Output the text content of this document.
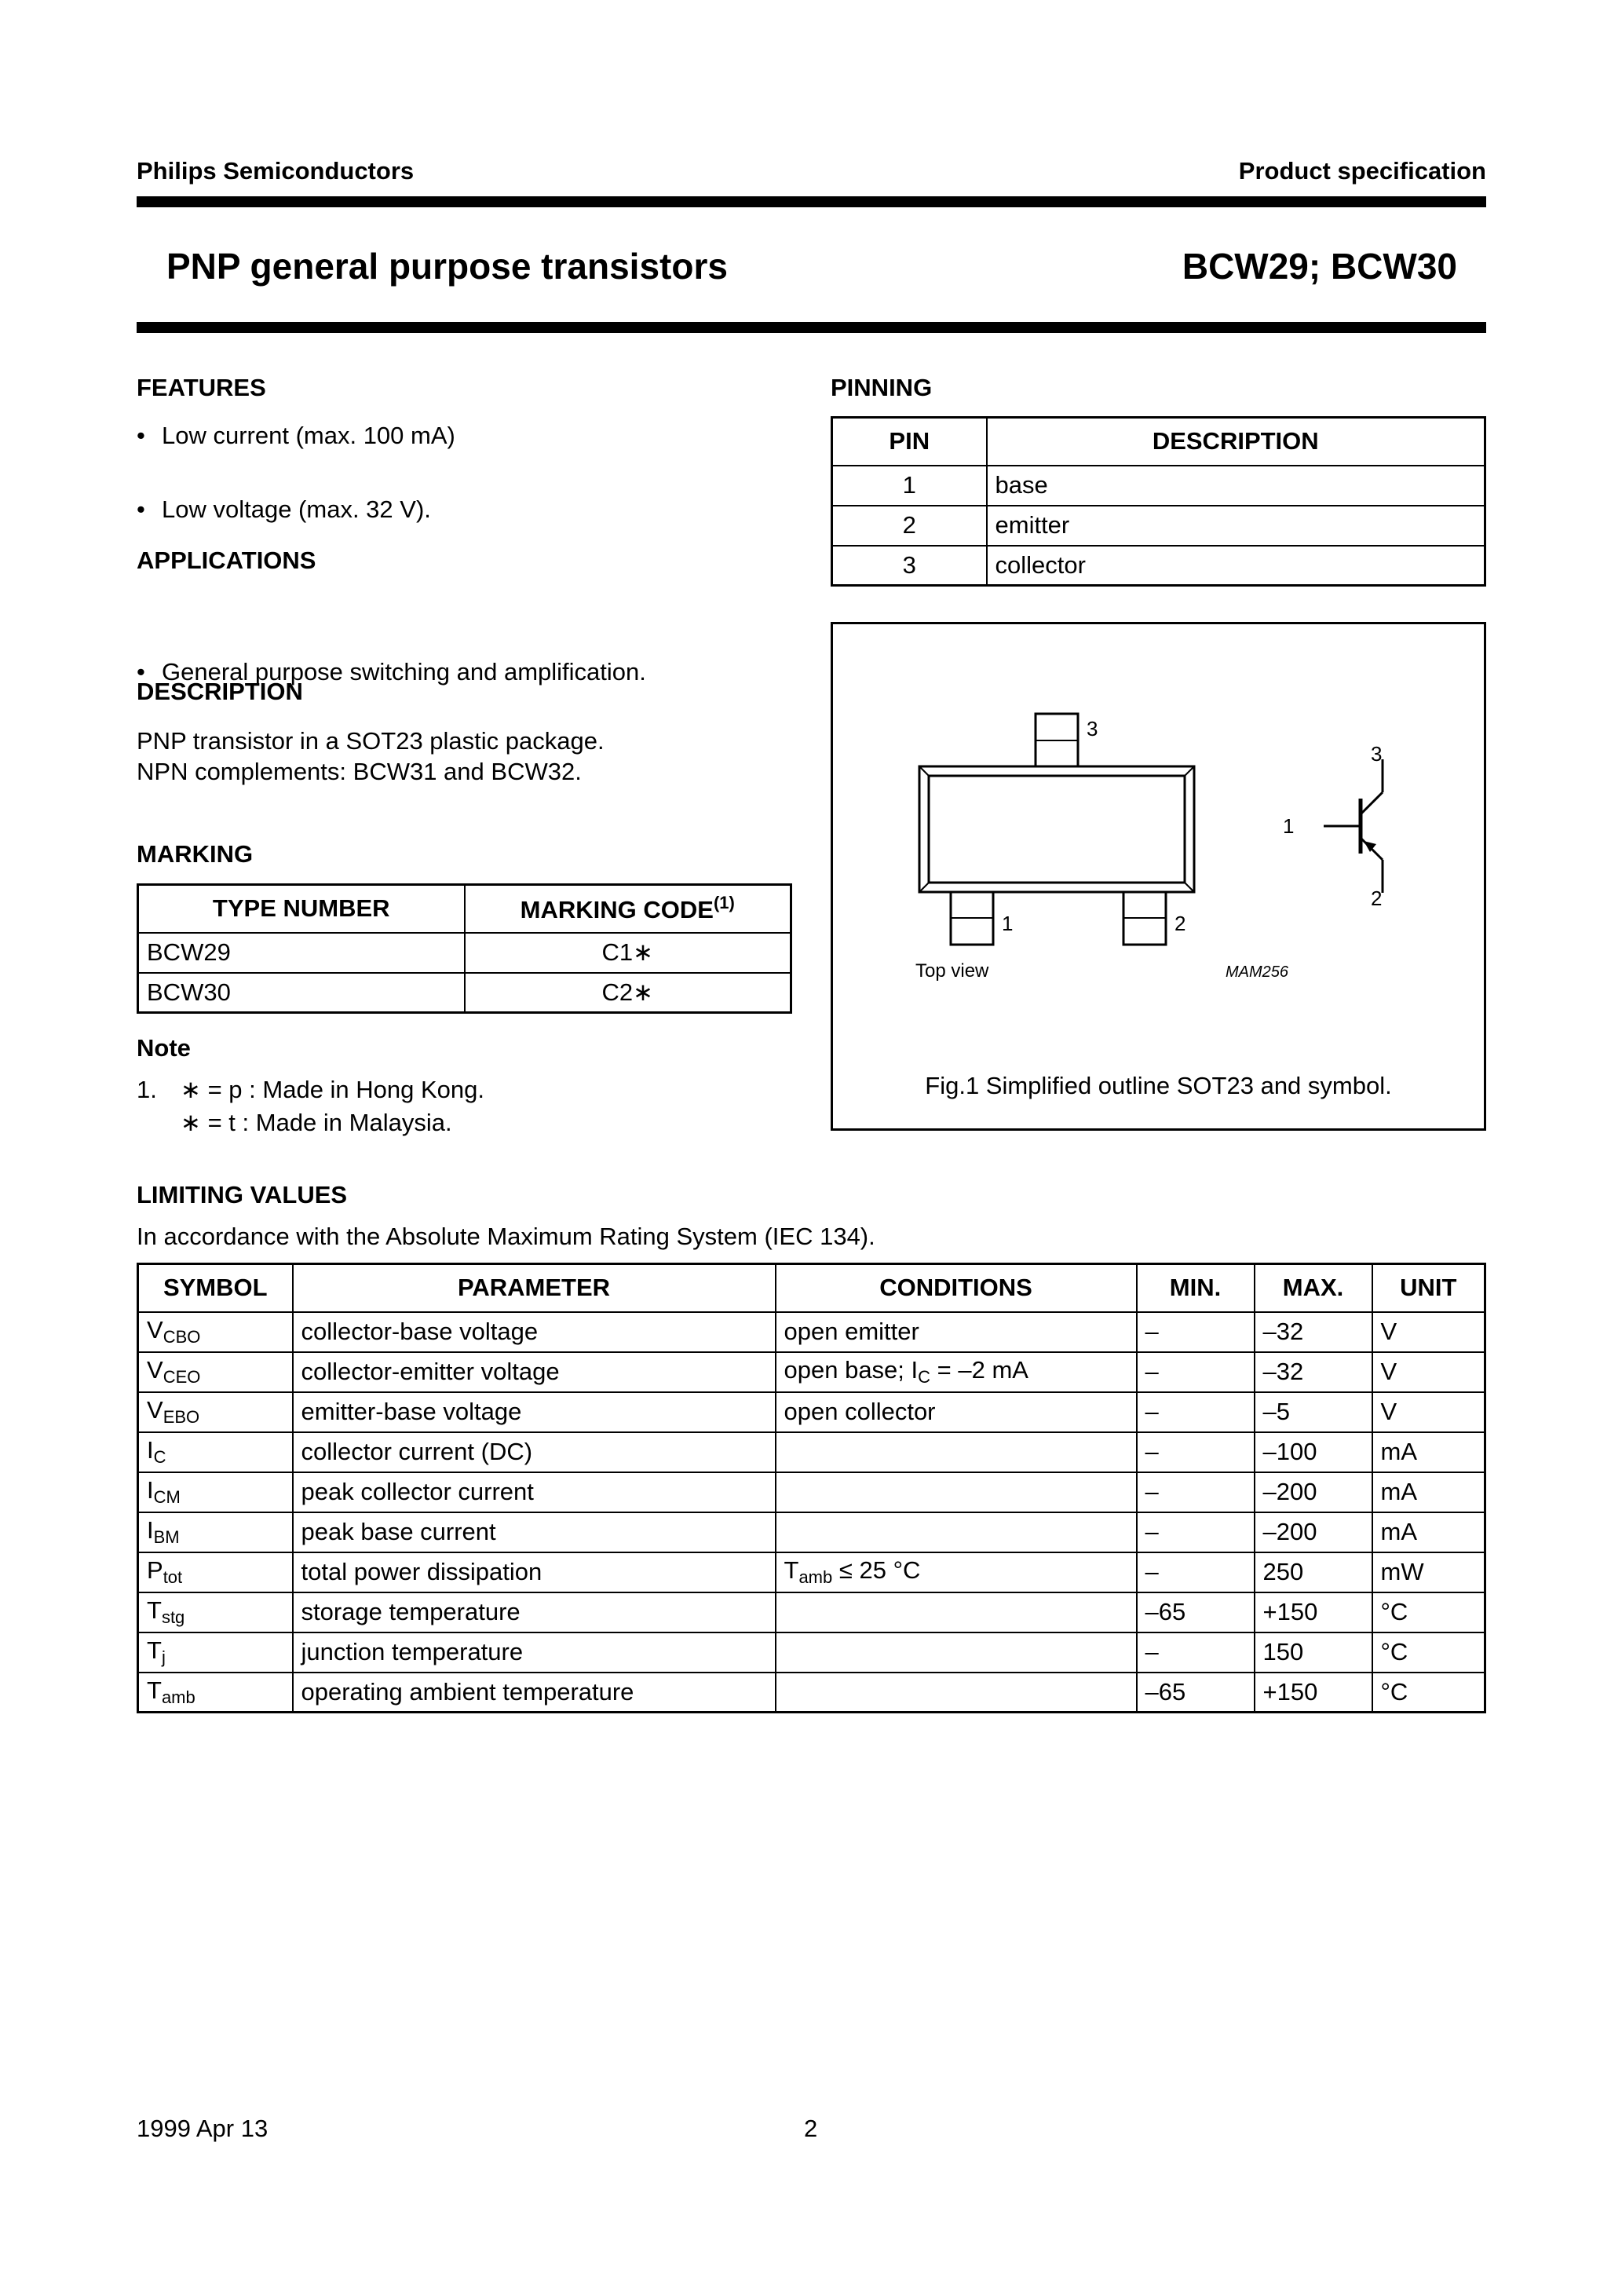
Philips Semiconductors	Product specification
PNP general purpose transistors	BCW29; BCW30
FEATURES
• Low current (max. 100 mA)
• Low voltage (max. 32 V).
APPLICATIONS
• General purpose switching and amplification.
DESCRIPTION
PNP transistor in a SOT23 plastic package.
NPN complements: BCW31 and BCW32.
MARKING
TYPE NUMBER	MARKING CODE$^{(1)}$
BCW29	C1∗
BCW30	C2∗
Note
1. ∗ = p : Made in Hong Kong.
∗ = t : Made in Malaysia.
PINNING
PIN	DESCRIPTION
1	base
2	emitter
3	collector
3
1	2
3
1
2
Top view	MAM256
Fig.1 Simplified outline SOT23 and symbol.
LIMITING VALUES
In accordance with the Absolute Maximum Rating System (IEC 134).
SYMBOL	PARAMETER	CONDITIONS	MIN.	MAX.	UNIT
$V_{CBO}$	collector-base voltage	open emitter	–	–32	V
$V_{CEO}$	collector-emitter voltage	open base; $I_C = -2$ mA	–	–32	V
$V_{EBO}$	emitter-base voltage	open collector	–	–5	V
$I_C$	collector current (DC)		–	–100	mA
$I_{CM}$	peak collector current		–	–200	mA
$I_{BM}$	peak base current		–	–200	mA
$P_{tot}$	total power dissipation	$T_{amb} \le 25$ °C	–	250	mW
$T_{stg}$	storage temperature		–65	+150	°C
$T_j$	junction temperature		–	150	°C
$T_{amb}$	operating ambient temperature		–65	+150	°C
1999 Apr 13	2
